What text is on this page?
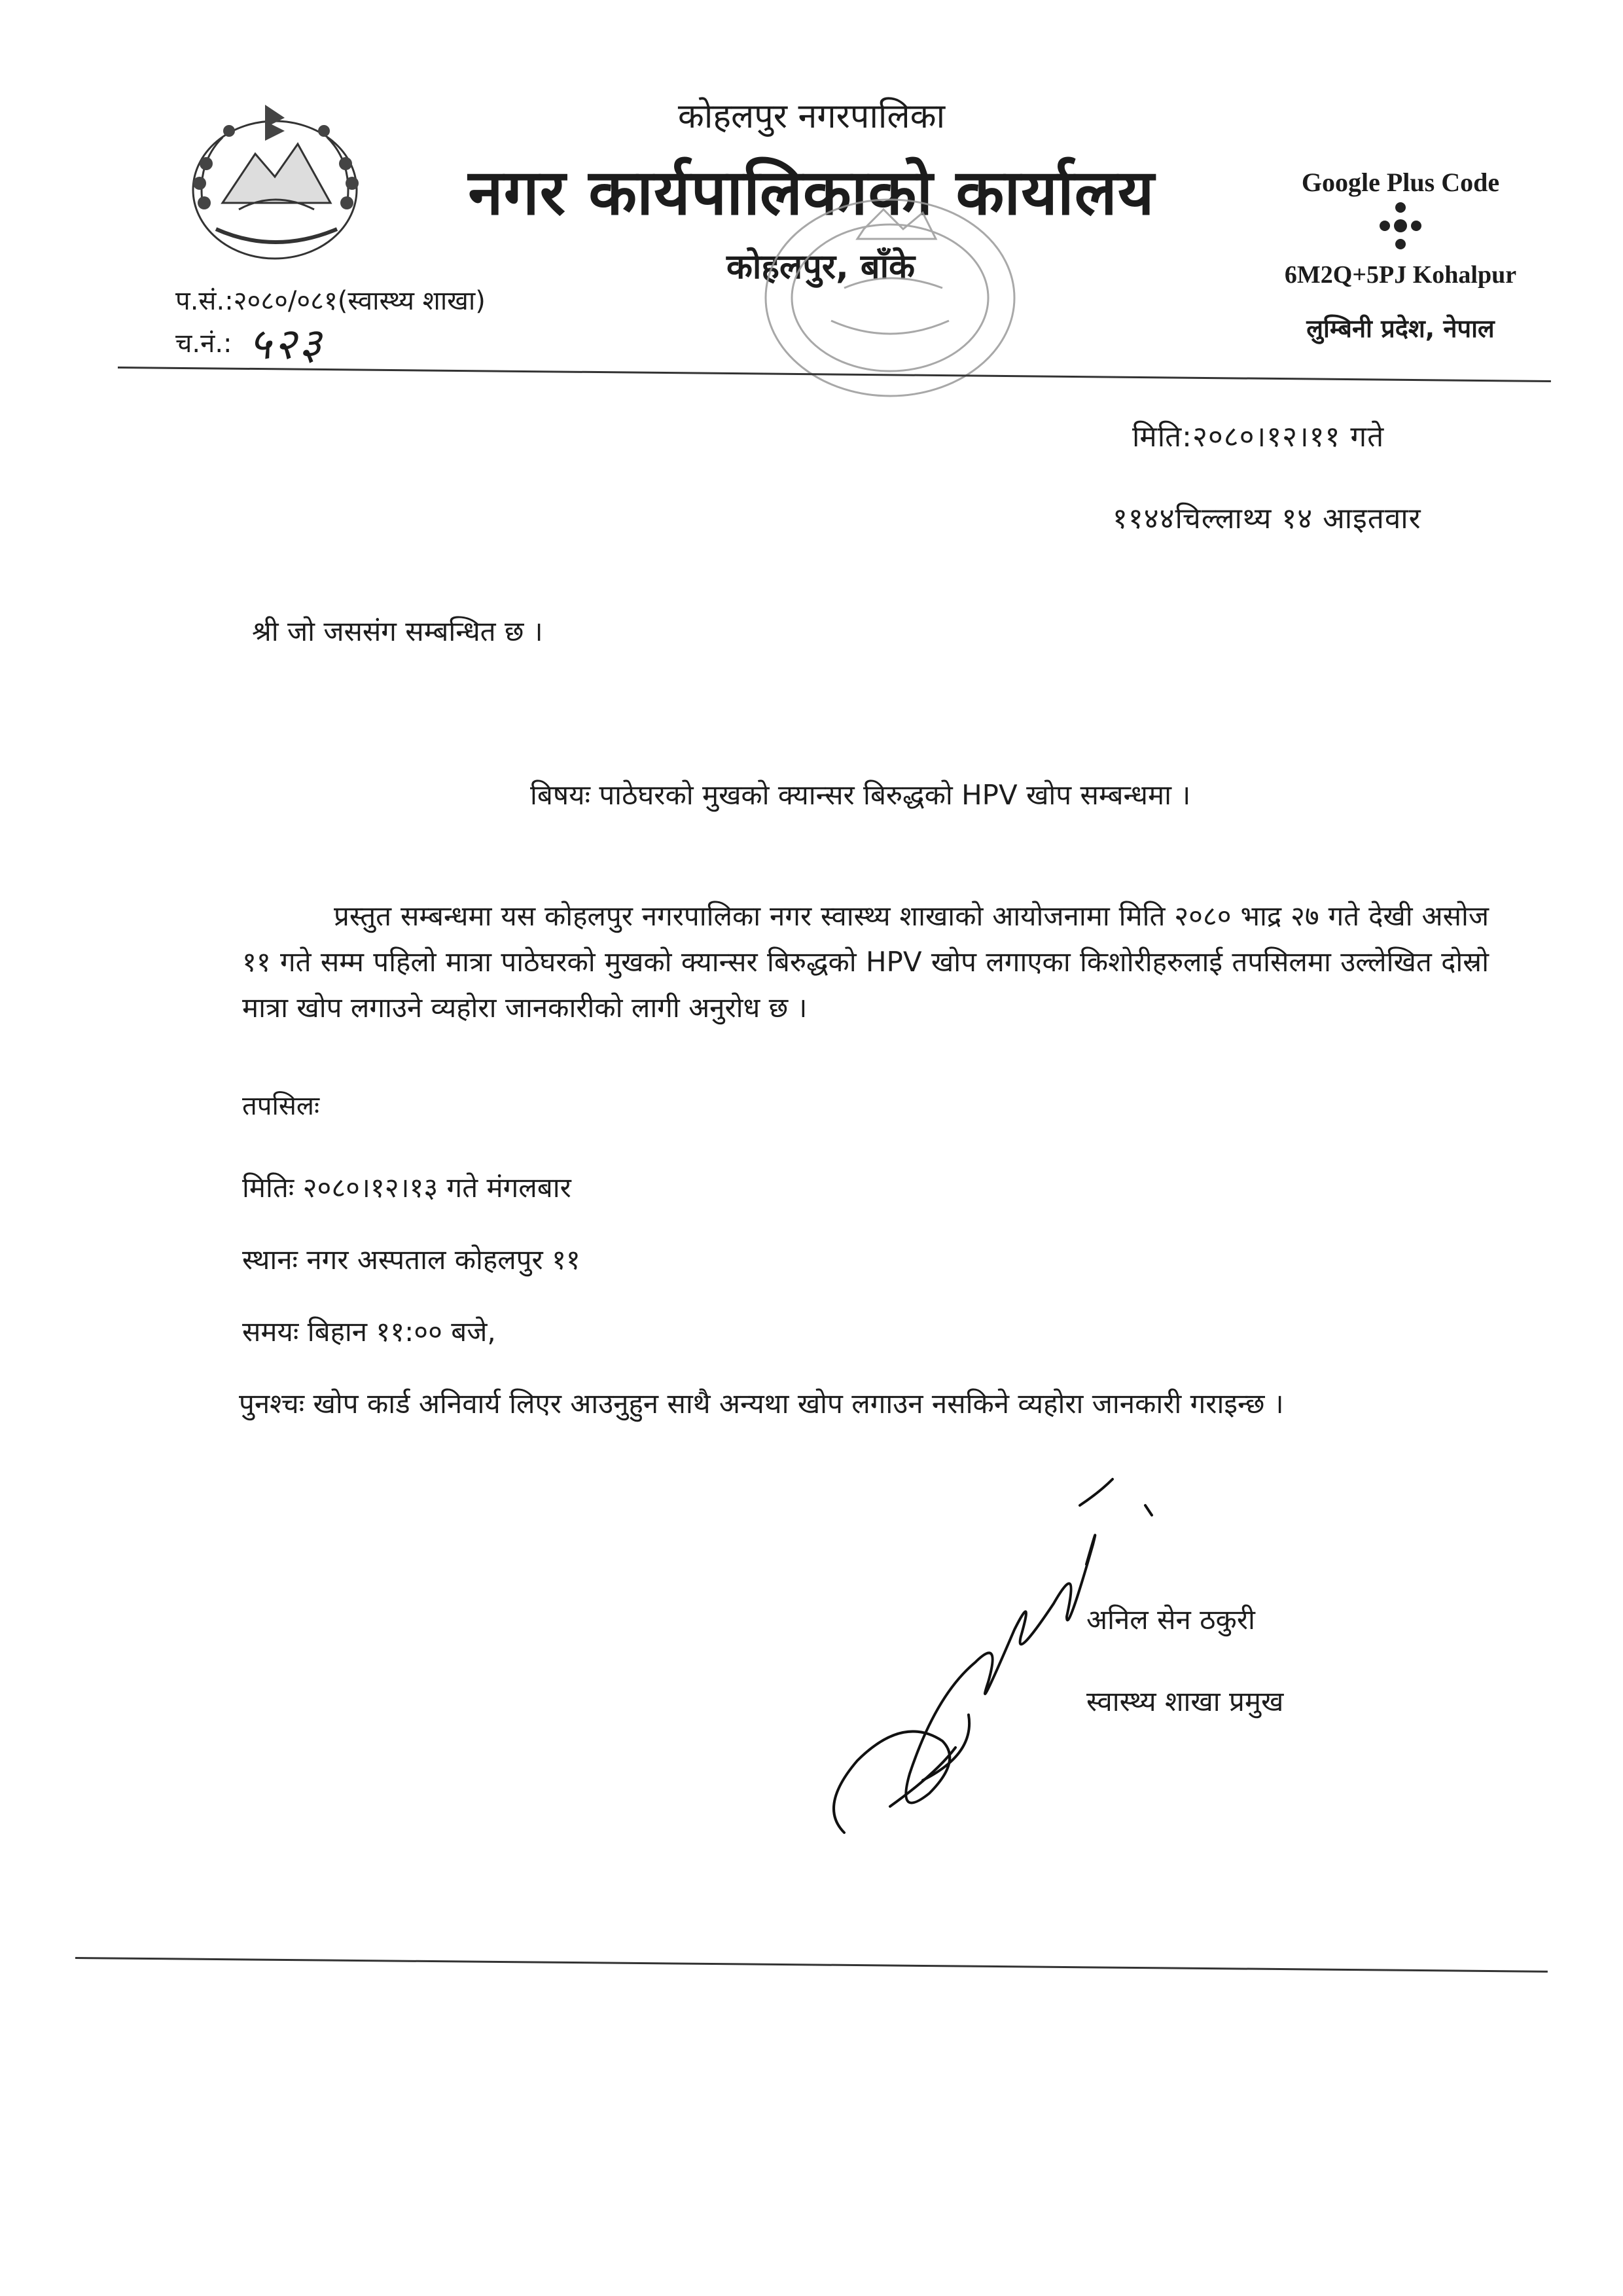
कोहलपुर नगरपालिका
नगर कार्यपालिकाको कार्यालय
कोहलपुर, बाँके
Google Plus Code
6M2Q+5PJ Kohalpur
लुम्बिनी प्रदेश, नेपाल
प.सं.:२०८०/०८१(स्वास्थ्य शाखा)
च.नं.: ५२३
मिति:२०८०।१२।११ गते
११४४चिल्लाथ्य १४ आइतवार
श्री जो जससंग सम्बन्धित छ ।
बिषयः पाठेघरको मुखको क्यान्सर बिरुद्धको HPV खोप सम्बन्धमा ।
प्रस्तुत सम्बन्धमा यस कोहलपुर नगरपालिका नगर स्वास्थ्य शाखाको आयोजनामा मिति २०८० भाद्र २७ गते देखी असोज ११ गते सम्म पहिलो मात्रा पाठेघरको मुखको क्यान्सर बिरुद्धको HPV खोप लगाएका किशोरीहरुलाई तपसिलमा उल्लेखित दोस्रो मात्रा खोप लगाउने व्यहोरा जानकारीको लागी अनुरोध छ ।
तपसिलः
मितिः २०८०।१२।१३ गते मंगलबार
स्थानः नगर अस्पताल कोहलपुर ११
समयः बिहान ११:०० बजे,
पुनश्चः खोप कार्ड अनिवार्य लिएर आउनुहुन साथै अन्यथा खोप लगाउन नसकिने व्यहोरा जानकारी गराइन्छ ।
अनिल सेन ठकुरी
स्वास्थ्य शाखा प्रमुख
